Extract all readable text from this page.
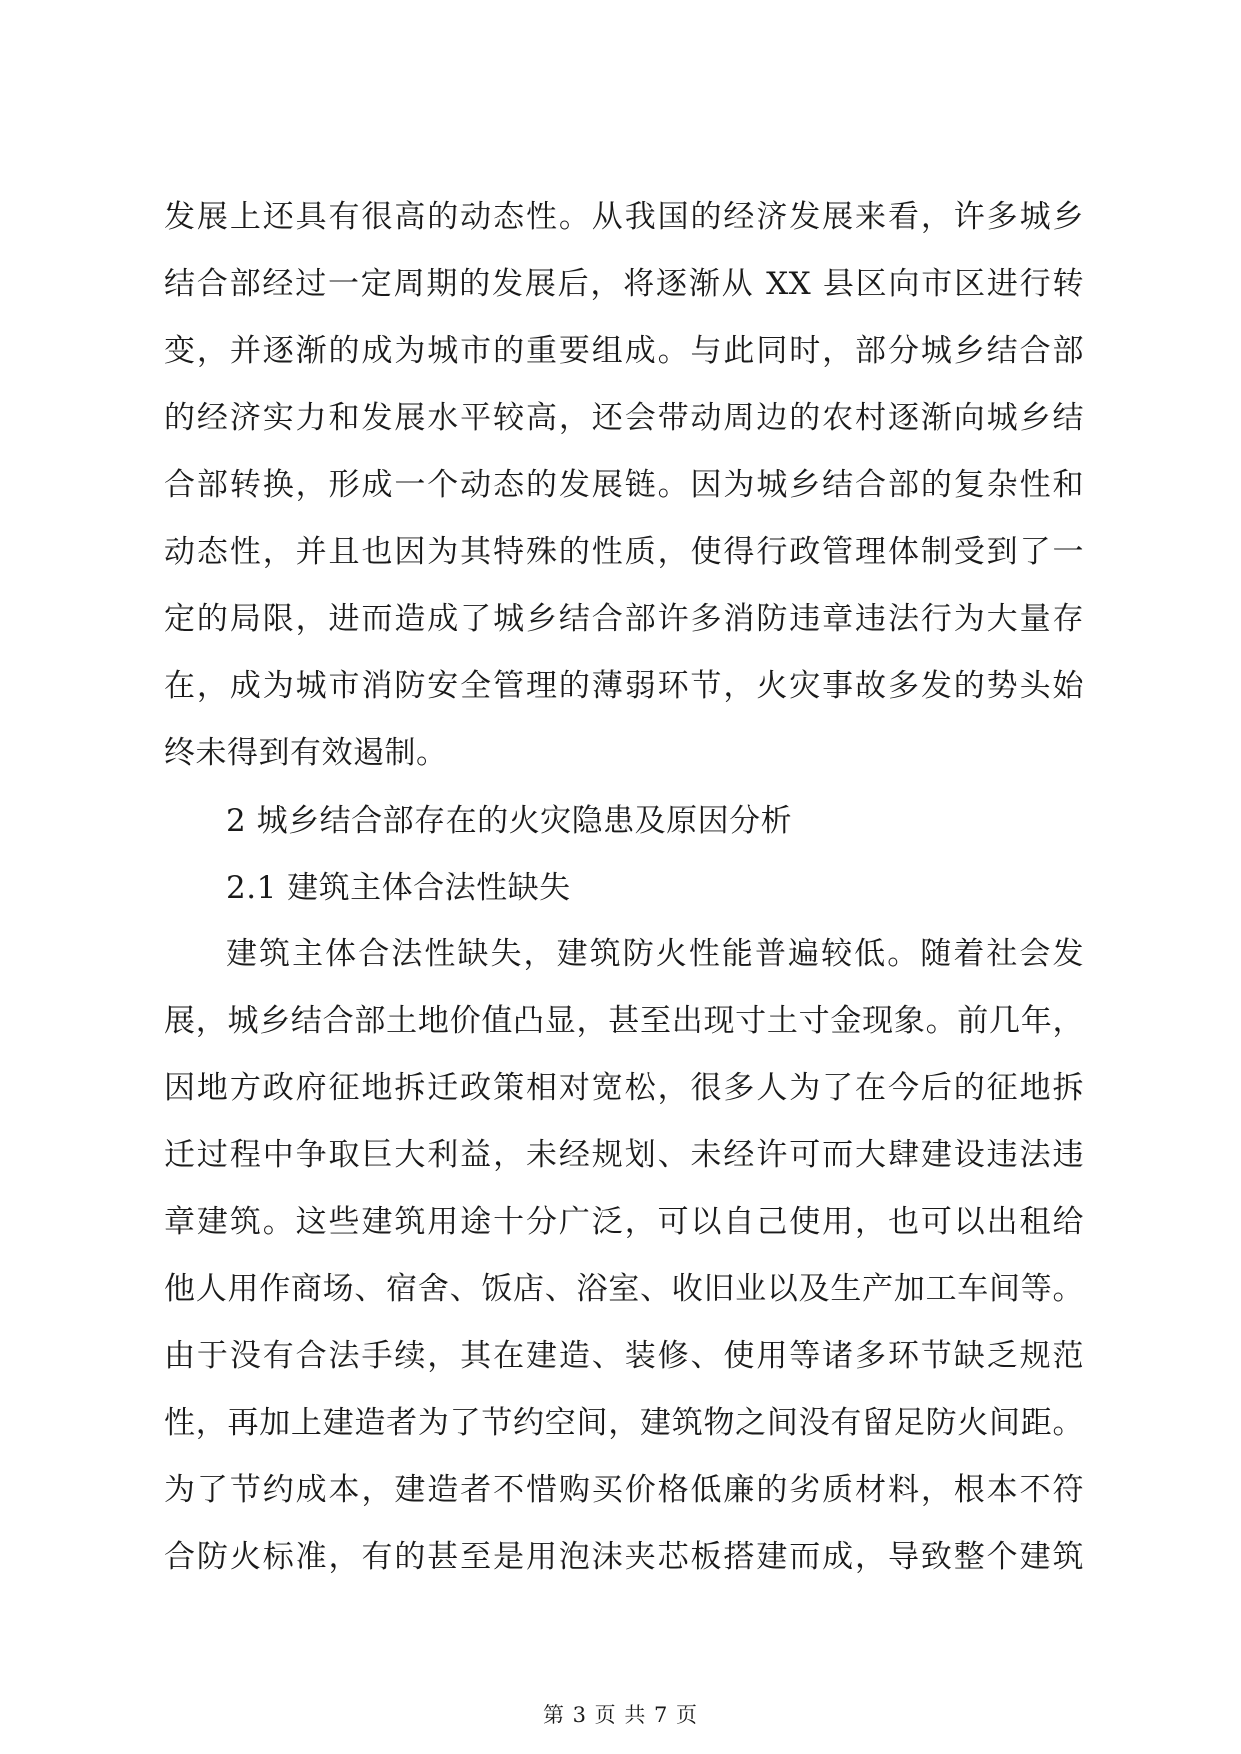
发展上还具有很高的动态性。从我国的经济发展来看，许多城乡
结合部经过一定周期的发展后，将逐渐从 XX 县区向市区进行转
变，并逐渐的成为城市的重要组成。与此同时，部分城乡结合部
的经济实力和发展水平较高，还会带动周边的农村逐渐向城乡结
合部转换，形成一个动态的发展链。因为城乡结合部的复杂性和
动态性，并且也因为其特殊的性质，使得行政管理体制受到了一
定的局限，进而造成了城乡结合部许多消防违章违法行为大量存
在，成为城市消防安全管理的薄弱环节，火灾事故多发的势头始
终未得到有效遏制。
2 城乡结合部存在的火灾隐患及原因分析
2.1 建筑主体合法性缺失
建筑主体合法性缺失，建筑防火性能普遍较低。随着社会发
展，城乡结合部土地价值凸显，甚至出现寸土寸金现象。前几年，
因地方政府征地拆迁政策相对宽松，很多人为了在今后的征地拆
迁过程中争取巨大利益，未经规划、未经许可而大肆建设违法违
章建筑。这些建筑用途十分广泛，可以自己使用，也可以出租给
他人用作商场、宿舍、饭店、浴室、收旧业以及生产加工车间等。
由于没有合法手续，其在建造、装修、使用等诸多环节缺乏规范
性，再加上建造者为了节约空间，建筑物之间没有留足防火间距。
为了节约成本，建造者不惜购买价格低廉的劣质材料，根本不符
合防火标准，有的甚至是用泡沫夹芯板搭建而成，导致整个建筑
第 3 页 共 7 页
